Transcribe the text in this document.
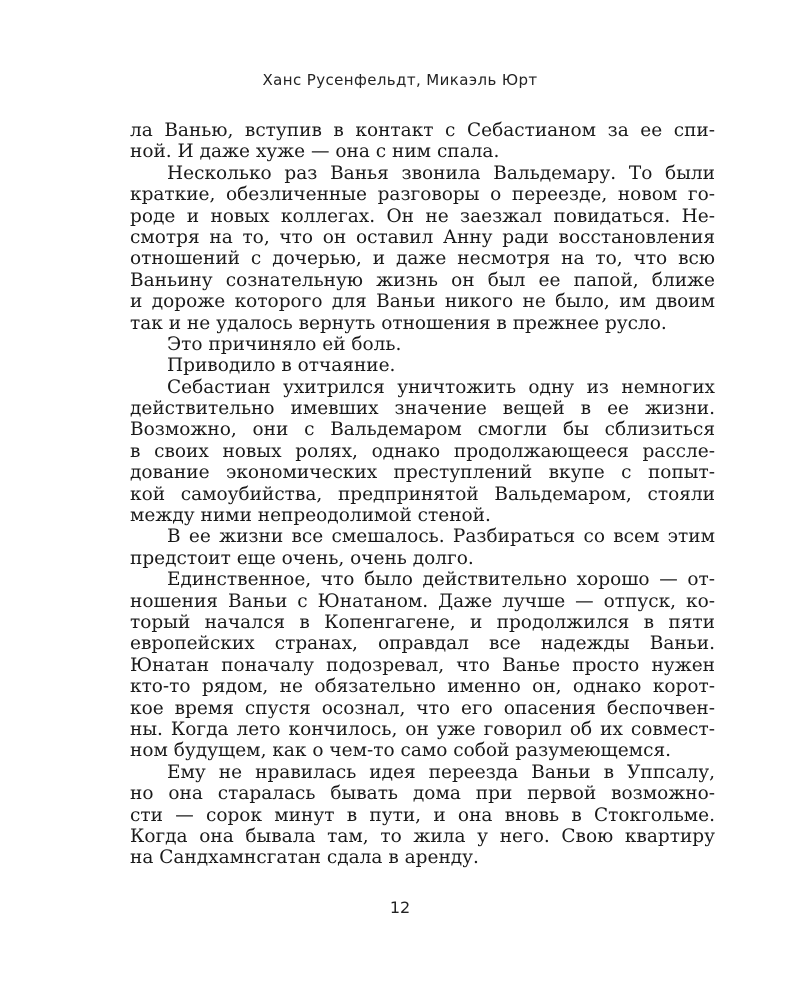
Ханс Русенфельдт, Микаэль Юрт
ла Ванью, вступив в контакт с Себастианом за ее спи-
ной. И даже хуже — она с ним спала.
Несколько раз Ванья звонила Вальдемару. То были
краткие, обезличенные разговоры о переезде, новом го-
роде и новых коллегах. Он не заезжал повидаться. Не-
смотря на то, что он оставил Анну ради восстановления
отношений с дочерью, и даже несмотря на то, что всю
Ваньину сознательную жизнь он был ее папой, ближе
и дороже которого для Ваньи никого не было, им двоим
так и не удалось вернуть отношения в прежнее русло.
Это причиняло ей боль.
Приводило в отчаяние.
Себастиан ухитрился уничтожить одну из немногих
действительно имевших значение вещей в ее жизни.
Возможно, они с Вальдемаром смогли бы сблизиться
в своих новых ролях, однако продолжающееся рассле-
дование экономических преступлений вкупе с попыт-
кой самоубийства, предпринятой Вальдемаром, стояли
между ними непреодолимой стеной.
В ее жизни все смешалось. Разбираться со всем этим
предстоит еще очень, очень долго.
Единственное, что было действительно хорошо — от-
ношения Ваньи с Юнатаном. Даже лучше — отпуск, ко-
торый начался в Копенгагене, и продолжился в пяти
европейских странах, оправдал все надежды Ваньи.
Юнатан поначалу подозревал, что Ванье просто нужен
кто-то рядом, не обязательно именно он, однако корот-
кое время спустя осознал, что его опасения беспочвен-
ны. Когда лето кончилось, он уже говорил об их совмест-
ном будущем, как о чем-то само собой разумеющемся.
Ему не нравилась идея переезда Ваньи в Уппсалу,
но она старалась бывать дома при первой возможно-
сти — сорок минут в пути, и она вновь в Стокгольме.
Когда она бывала там, то жила у него. Свою квартиру
на Сандхамнсгатан сдала в аренду.
12
